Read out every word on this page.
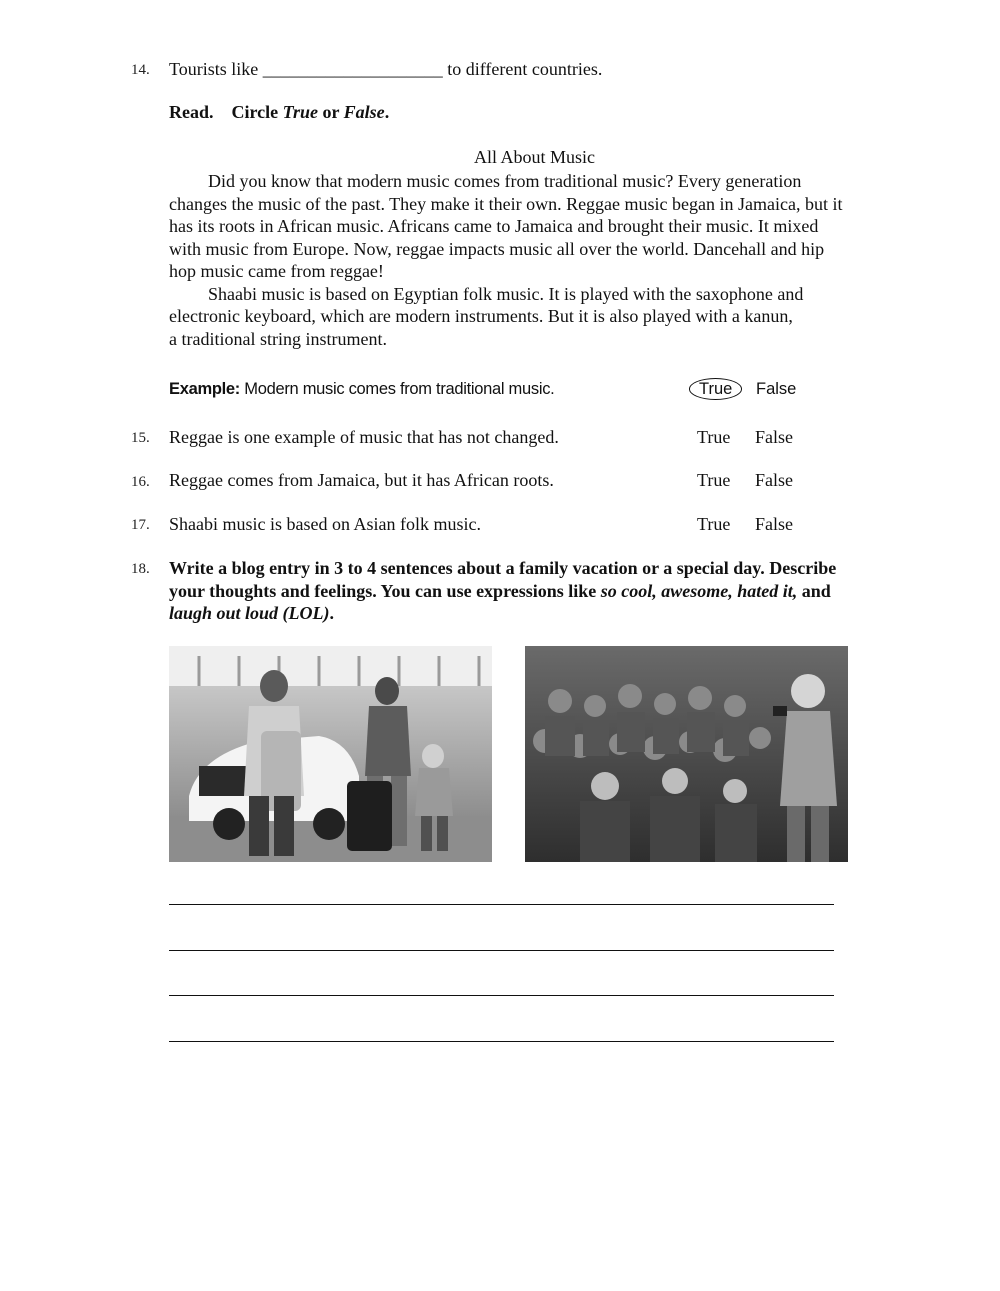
14. Tourists like ____________________ to different countries.
Read. Circle True or False.
All About Music
Did you know that modern music comes from traditional music? Every generation
changes the music of the past. They make it their own. Reggae music began in Jamaica, but it
has its roots in African music. Africans came to Jamaica and brought their music. It mixed
with music from Europe. Now, reggae impacts music all over the world. Dancehall and hip
hop music came from reggae!
Shaabi music is based on Egyptian folk music. It is played with the saxophone and
electronic keyboard, which are modern instruments. But it is also played with a kanun,
a traditional string instrument.
Example: Modern music comes from traditional music.	True	False
15. Reggae is one example of music that has not changed.	True False
16. Reggae comes from Jamaica, but it has African roots.	True False
17. Shaabi music is based on Asian folk music.	True False
18. Write a blog entry in 3 to 4 sentences about a family vacation or a special day. Describe
your thoughts and feelings. You can use expressions like so cool, awesome, hated it, and
laugh out loud (LOL).
